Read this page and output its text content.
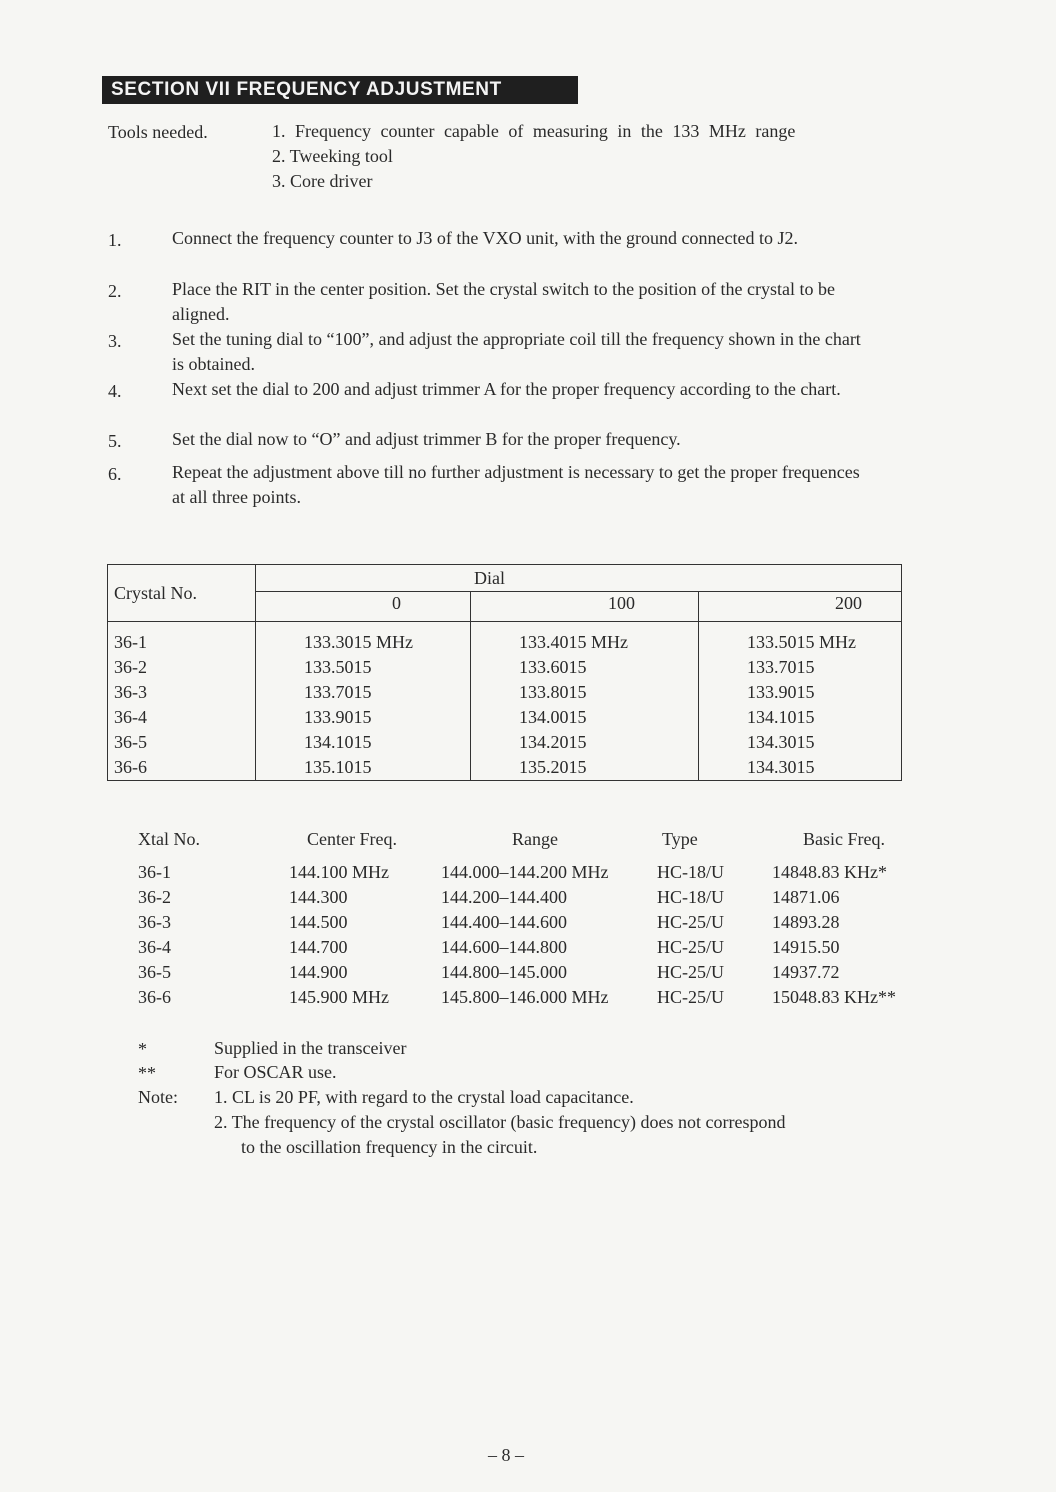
SECTION VII FREQUENCY ADJUSTMENT
Tools needed.	1. Frequency counter capable of measuring in the 133 MHz range
2. Tweeking tool
3. Core driver
1.	Connect the frequency counter to J3 of the VXO unit, with the ground connected to J2.
2.	Place the RIT in the center position. Set the crystal switch to the position of the crystal to be aligned.
3.	Set the tuning dial to “100”, and adjust the appropriate coil till the frequency shown in the chart is obtained.
4.	Next set the dial to 200 and adjust trimmer A for the proper frequency according to the chart.
5.	Set the dial now to “O” and adjust trimmer B for the proper frequency.
6.	Repeat the adjustment above till no further adjustment is necessary to get the proper frequences at all three points.
Crystal No.
Dial
0	100	200
36-1	133.3015 MHz	133.4015 MHz	133.5015 MHz
36-2	133.5015	133.6015	133.7015
36-3	133.7015	133.8015	133.9015
36-4	133.9015	134.0015	134.1015
36-5	134.1015	134.2015	134.3015
36-6	135.1015	135.2015	134.3015
Xtal No.	Center Freq.	Range	Type	Basic Freq.
36-1	144.100 MHz	144.000–144.200 MHz	HC-18/U	14848.83 KHz*
36-2	144.300	144.200–144.400	HC-18/U	14871.06
36-3	144.500	144.400–144.600	HC-25/U	14893.28
36-4	144.700	144.600–144.800	HC-25/U	14915.50
36-5	144.900	144.800–145.000	HC-25/U	14937.72
36-6	145.900 MHz	145.800–146.000 MHz	HC-25/U	15048.83 KHz**
*	Supplied in the transceiver
**	For OSCAR use.
Note: 1. CL is 20 PF, with regard to the crystal load capacitance.
2. The frequency of the crystal oscillator (basic frequency) does not correspond
to the oscillation frequency in the circuit.
– 8 –
